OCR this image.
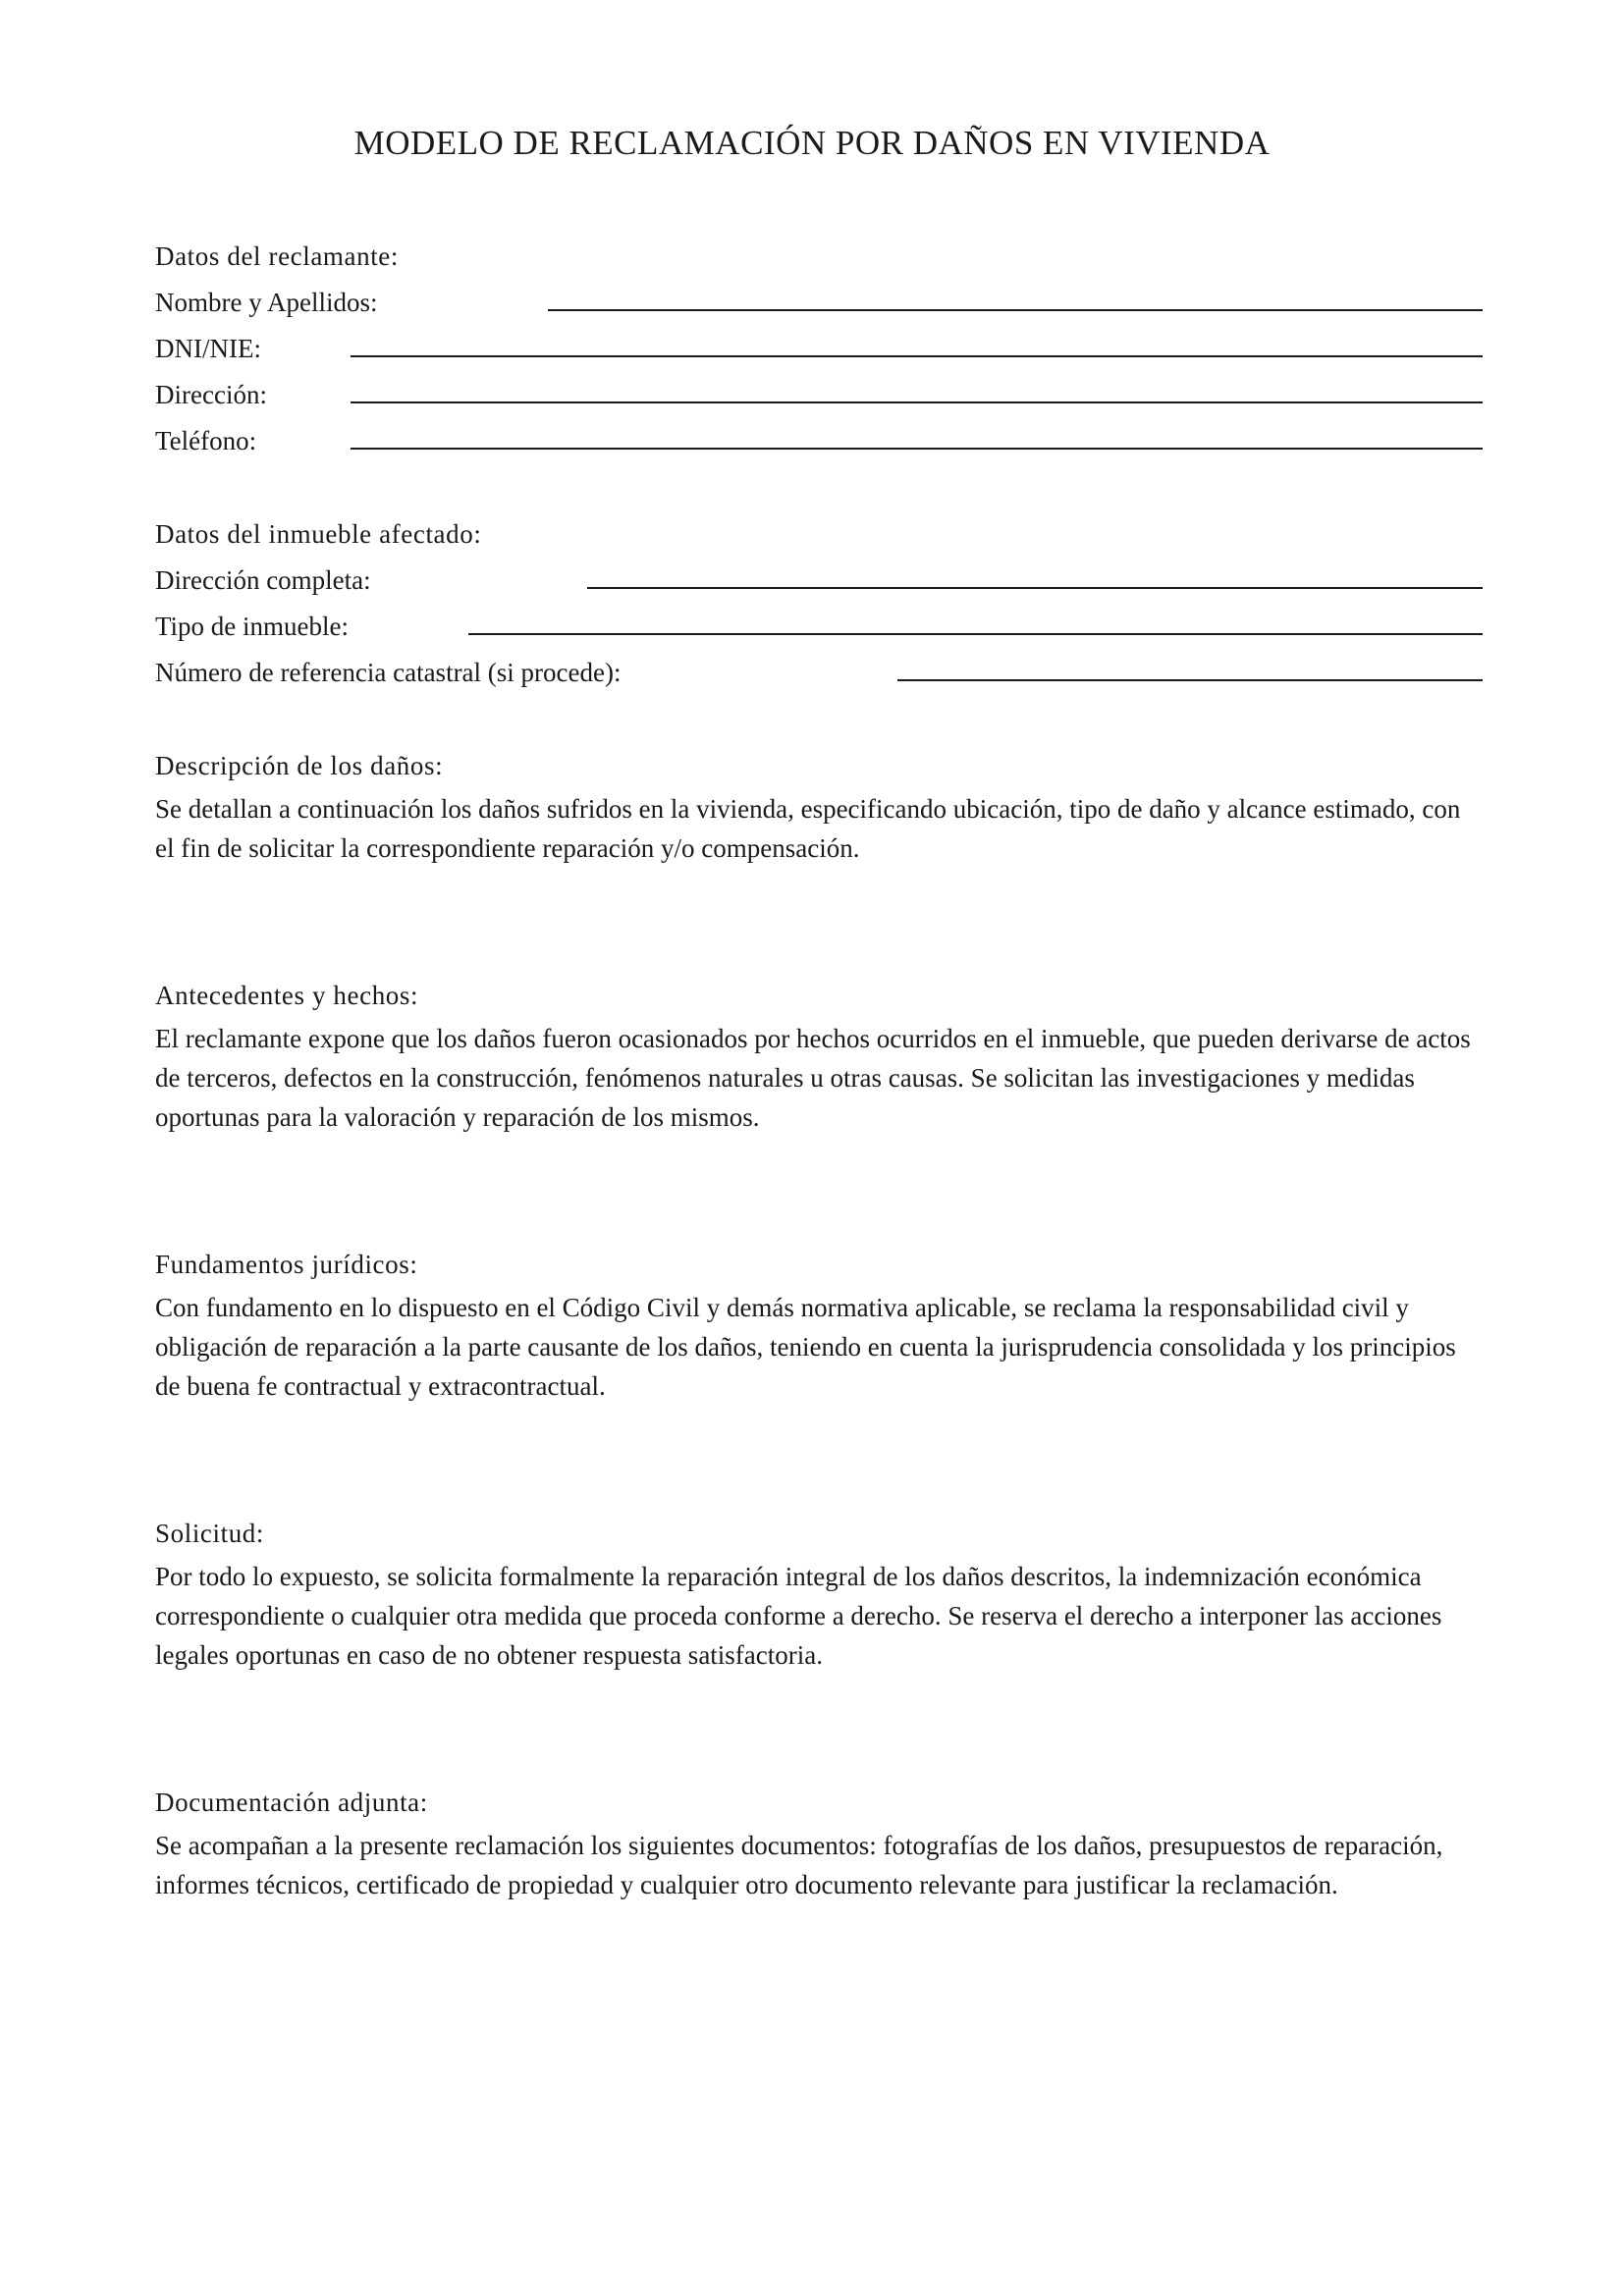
MODELO DE RECLAMACIÓN POR DAÑOS EN VIVIENDA
Datos del reclamante:
Nombre y Apellidos:
DNI/NIE:
Dirección:
Teléfono:
Datos del inmueble afectado:
Dirección completa:
Tipo de inmueble:
Número de referencia catastral (si procede):
Descripción de los daños:

Se detallan a continuación los daños sufridos en la vivienda, especificando ubicación, tipo de daño y alcance estimado, con el fin de solicitar la correspondiente reparación y/o compensación.

Antecedentes y hechos:

El reclamante expone que los daños fueron ocasionados por hechos ocurridos en el inmueble, que pueden derivarse de actos de terceros, defectos en la construcción, fenómenos naturales u otras causas. Se solicitan las investigaciones y medidas oportunas para la valoración y reparación de los mismos.

Fundamentos jurídicos:

Con fundamento en lo dispuesto en el Código Civil y demás normativa aplicable, se reclama la responsabilidad civil y obligación de reparación a la parte causante de los daños, teniendo en cuenta la jurisprudencia consolidada y los principios de buena fe contractual y extracontractual.

Solicitud:

Por todo lo expuesto, se solicita formalmente la reparación integral de los daños descritos, la indemnización económica correspondiente o cualquier otra medida que proceda conforme a derecho. Se reserva el derecho a interponer las acciones legales oportunas en caso de no obtener respuesta satisfactoria.

Documentación adjunta:

Se acompañan a la presente reclamación los siguientes documentos: fotografías de los daños, presupuestos de reparación, informes técnicos, certificado de propiedad y cualquier otro documento relevante para justificar la reclamación.
